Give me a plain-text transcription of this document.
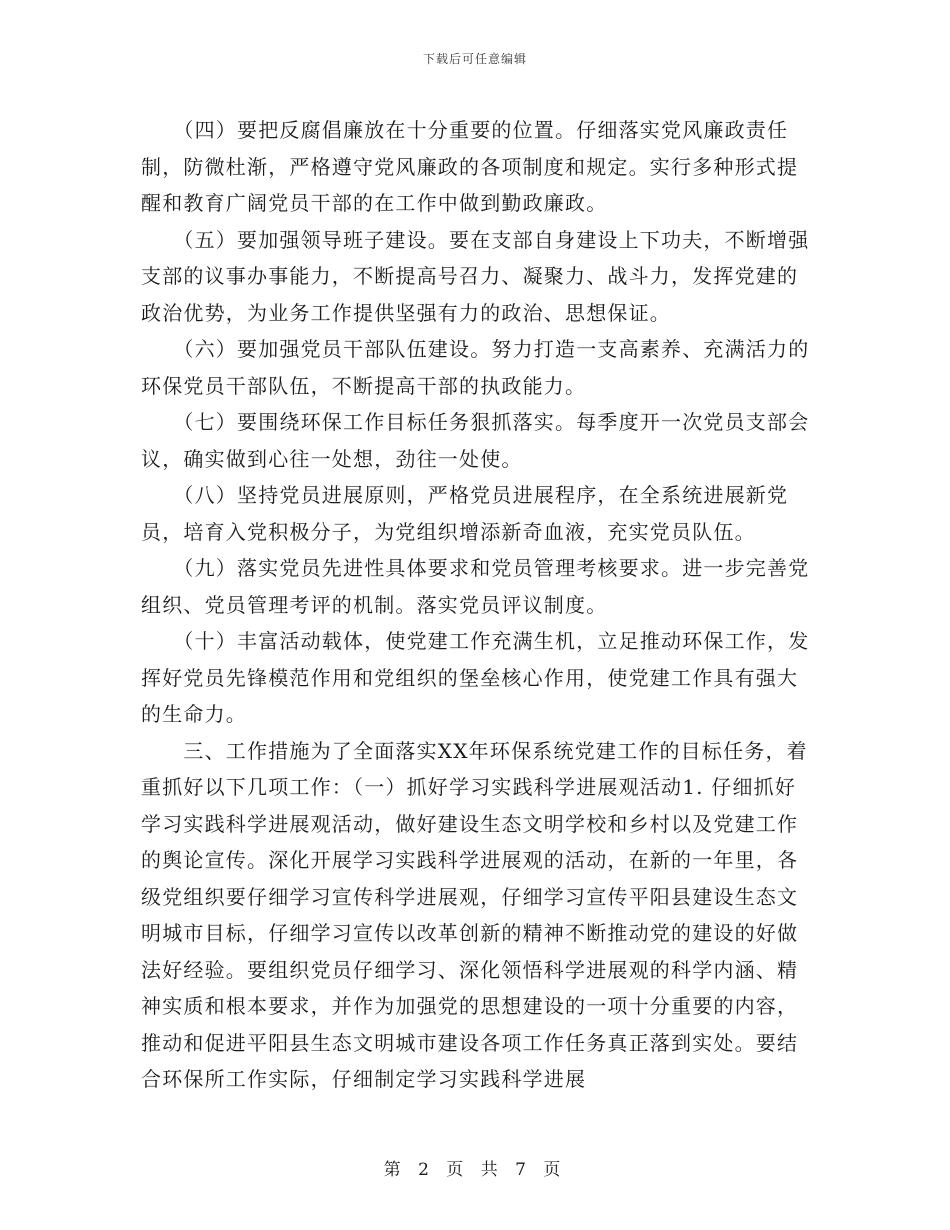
下载后可任意编辑

　　（四）要把反腐倡廉放在十分重要的位置。仔细落实党风廉政责任制，防微杜渐，严格遵守党风廉政的各项制度和规定。实行多种形式提醒和教育广阔党员干部的在工作中做到勤政廉政。

　　（五）要加强领导班子建设。要在支部自身建设上下功夫，不断增强支部的议事办事能力，不断提高号召力、凝聚力、战斗力，发挥党建的政治优势，为业务工作提供坚强有力的政治、思想保证。

　　（六）要加强党员干部队伍建设。努力打造一支高素养、充满活力的环保党员干部队伍，不断提高干部的执政能力。

　　（七）要围绕环保工作目标任务狠抓落实。每季度开一次党员支部会议，确实做到心往一处想，劲往一处使。

　　（八）坚持党员进展原则，严格党员进展程序，在全系统进展新党员，培育入党积极分子，为党组织增添新奇血液，充实党员队伍。

　　（九）落实党员先进性具体要求和党员管理考核要求。进一步完善党组织、党员管理考评的机制。落实党员评议制度。

　　（十）丰富活动载体，使党建工作充满生机，立足推动环保工作，发挥好党员先锋模范作用和党组织的堡垒核心作用，使党建工作具有强大的生命力。

　　三、工作措施为了全面落实XX年环保系统党建工作的目标任务，着重抓好以下几项工作：（一）抓好学习实践科学进展观活动1. 仔细抓好学习实践科学进展观活动，做好建设生态文明学校和乡村以及党建工作的舆论宣传。深化开展学习实践科学进展观的活动，在新的一年里，各级党组织要仔细学习宣传科学进展观，仔细学习宣传平阳县建设生态文明城市目标，仔细学习宣传以改革创新的精神不断推动党的建设的好做法好经验。要组织党员仔细学习、深化领悟科学进展观的科学内涵、精神实质和根本要求，并作为加强党的思想建设的一项十分重要的内容，推动和促进平阳县生态文明城市建设各项工作任务真正落到实处。要结合环保所工作实际，仔细制定学习实践科学进展

第 2 页 共 7 页
